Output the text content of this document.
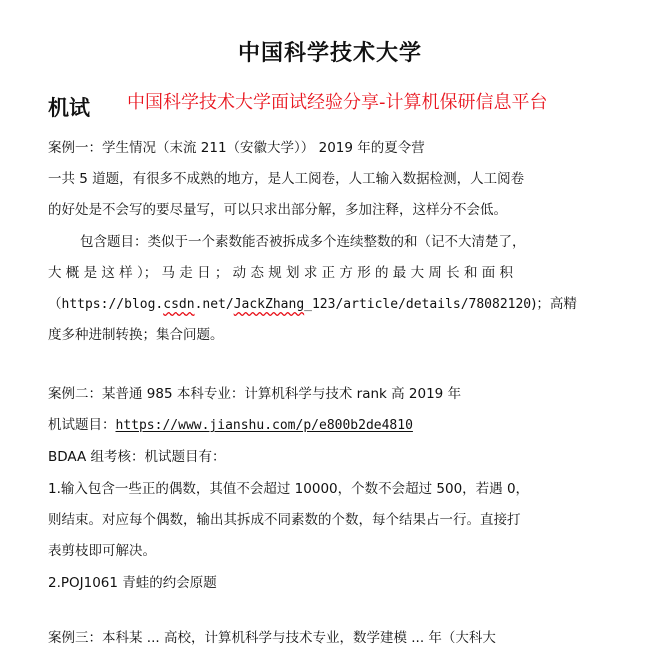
中国科学技术大学
机试 中国科学技术大学面试经验分享-计算机保研信息平台
案例一：学生情况（末流 211（安徽大学）） 2019 年的夏令营
一共 5 道题，有很多不成熟的地方，是人工阅卷，人工输入数据检测，人工阅卷
的好处是不会写的要尽量写，可以只求出部分解，多加注释，这样分不会低。
包含题目：类似于一个素数能否被拆成多个连续整数的和（记不大清楚了，
大 概 是 这 样 ）； 马 走 日 ； 动 态 规 划 求 正 方 形 的 最 大 周 长 和 面 积
（https://blog.csdn.net/JackZhang_123/article/details/78082120)；高精
度多种进制转换；集合问题。
案例二：某普通 985 本科专业：计算机科学与技术 rank 高 2019 年
机试题目：https://www.jianshu.com/p/e800b2de4810
BDAA 组考核：机试题目有：
1.输入包含一些正的偶数，其值不会超过 10000，个数不会超过 500，若遇 0，
则结束。对应每个偶数，输出其拆成不同素数的个数，每个结果占一行。直接打
表剪枝即可解决。
2.POJ1061 青蛙的约会原题
案例三：本科某 ... 高校，计算机科学与技术专业，数学建模 ... 年（大科大
